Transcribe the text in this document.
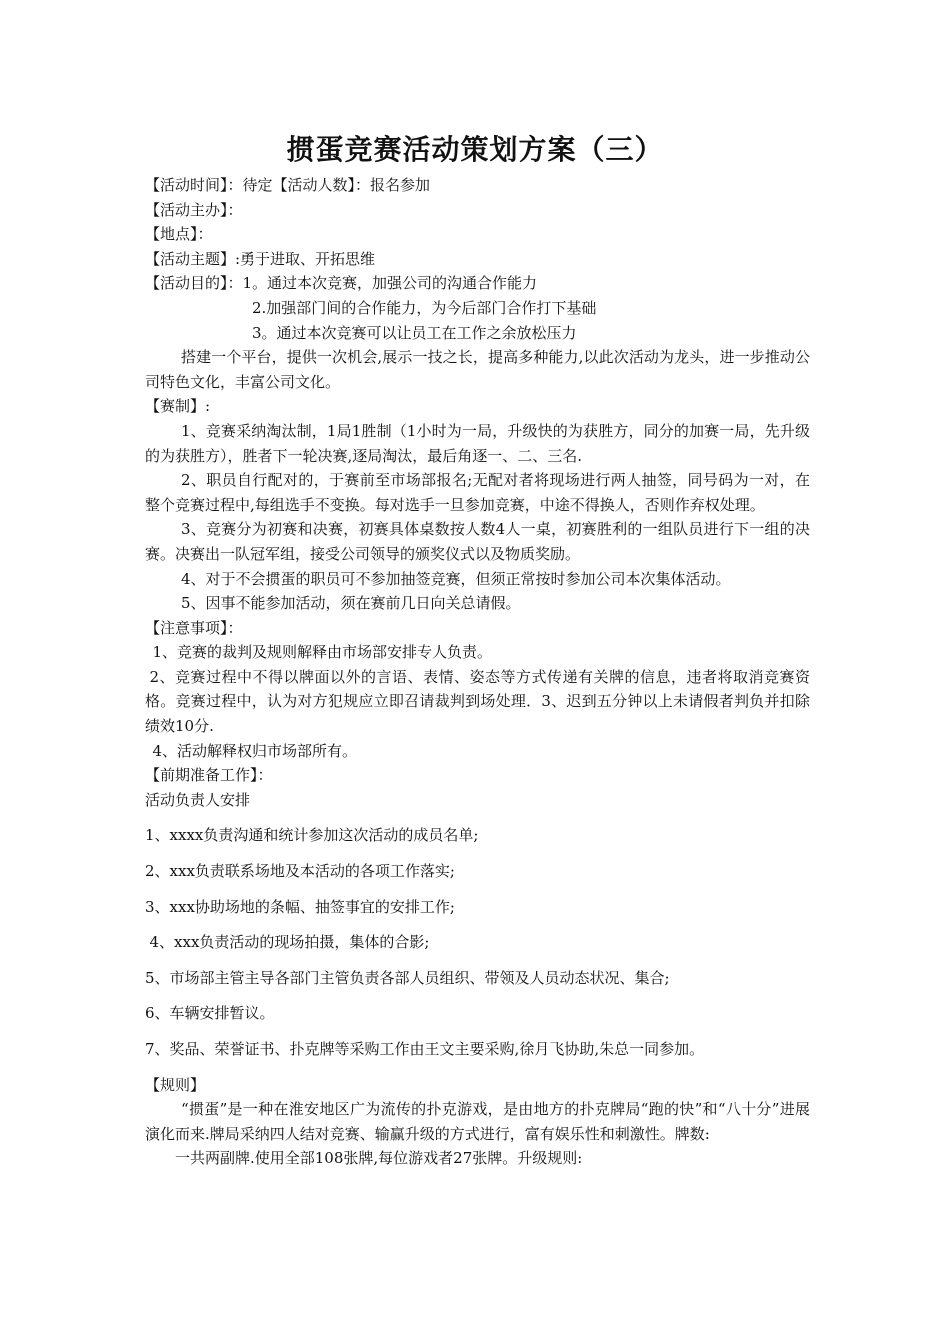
掼蛋竞赛活动策划方案（三）

【活动时间】：待定【活动人数】：报名参加

【活动主办】：

【地点】：

【活动主题】:勇于进取、开拓思维

【活动目的】：1。通过本次竞赛，加强公司的沟通合作能力

2.加强部门间的合作能力，为今后部门合作打下基础

3。通过本次竞赛可以让员工在工作之余放松压力

搭建一个平台，提供一次机会,展示一技之长，提高多种能力,以此次活动为龙头，进一步推动公司特色文化，丰富公司文化。

【赛制】:

1、竞赛采纳淘汰制，1局1胜制（1小时为一局，升级快的为获胜方，同分的加赛一局，先升级的为获胜方），胜者下一轮决赛,逐局淘汰，最后角逐一、二、三名.

2、职员自行配对的，于赛前至市场部报名;无配对者将现场进行两人抽签，同号码为一对，在整个竞赛过程中,每组选手不变换。每对选手一旦参加竞赛，中途不得换人，否则作弃权处理。

3、竞赛分为初赛和决赛，初赛具体桌数按人数4人一桌，初赛胜利的一组队员进行下一组的决赛。决赛出一队冠军组，接受公司领导的颁奖仪式以及物质奖励。

4、对于不会掼蛋的职员可不参加抽签竞赛，但须正常按时参加公司本次集体活动。

5、因事不能参加活动，须在赛前几日向关总请假。

【注意事项】：

1、竞赛的裁判及规则解释由市场部安排专人负责。

2、竞赛过程中不得以牌面以外的言语、表情、姿态等方式传递有关牌的信息，违者将取消竞赛资格。竞赛过程中，认为对方犯规应立即召请裁判到场处理．3、迟到五分钟以上未请假者判负并扣除绩效10分.

4、活动解释权归市场部所有。

【前期准备工作】：

活动负责人安排

1、xxxx负责沟通和统计参加这次活动的成员名单;

2、xxx负责联系场地及本活动的各项工作落实;

3、xxx协助场地的条幅、抽签事宜的安排工作;

4、xxx负责活动的现场拍摄，集体的合影;

5、市场部主管主导各部门主管负责各部人员组织、带领及人员动态状况、集合;

6、车辆安排暂议。

7、奖品、荣誉证书、扑克牌等采购工作由王文主要采购,徐月飞协助,朱总一同参加。

【规则】

“掼蛋”是一种在淮安地区广为流传的扑克游戏，是由地方的扑克牌局“跑的快”和“八十分”进展演化而来.牌局采纳四人结对竞赛、输赢升级的方式进行，富有娱乐性和刺激性。牌数:

一共两副牌.使用全部108张牌,每位游戏者27张牌。升级规则:
